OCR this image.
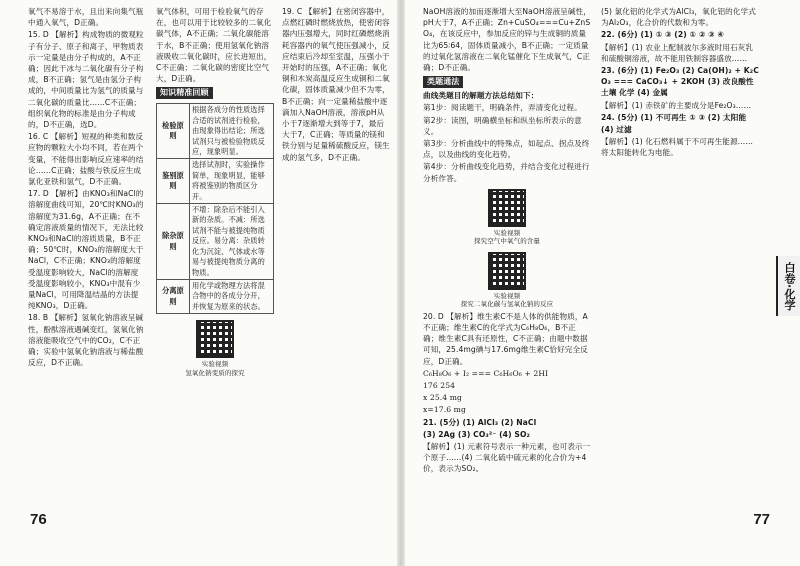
氧气不易溶于水，且出来向集气瓶中通入氧气，D正确。

15. D 【解析】构成物质的微观粒子有分子、原子和离子，甲物质表示一定量是由分子构成的，A不正确；因此干冰与二氧化碳有分子构成，B不正确；氢气是由氢分子构成的，中间质量比为氢气的质量与二氧化碳的质量比……C不正确；组织氧化物的标准是由分子构成的，D不正确，选D。

16. C 【解析】短视的种类和数反应物的颗粒大小均不同，若在两个变量，不能得出影响反应速率的结论……C正确；盐酸与铁反应生成氯化亚铁和氢气，D不正确。

17. D 【解析】由KNO₃和NaCl的溶解度曲线可知，20℃时KNO₃的溶解度为31.6g，A不正确；在不确定溶液质量的情况下，无法比较KNO₃和NaCl的溶质质量，B不正确；50℃时，KNO₃的溶解度大于NaCl，C不正确；KNO₃的溶解度受温度影响较大，NaCl的溶解度受温度影响较小，KNO₃中混有少量NaCl，可用降温结晶的方法提纯KNO₃，D正确。

18. B 【解析】氢氧化钠溶液呈碱性，酚酞溶液遇碱变红，氢氧化钠溶液能吸收空气中的CO₂，C不正确；实验中氢氧化钠溶液与稀盐酸反应，D不正确。

氧气体积，可用于检验氧气的存在，也可以用于比较较多的二氧化碳气体，A不正确；二氧化碳能溶于水，B不正确；使用氢氧化钠溶液吸收二氧化碳时，应长进短出，C不正确；二氧化碳的密度比空气大，D正确。

知识精准回顾
检验原则	根据各成分的性质选择合适的试剂进行检验，由现象得出结论；所选试剂只与被检验物质反应，现象明显。
鉴别原则	选择试剂时，实验操作简单，现象明显，能够将被鉴别的物质区分开。
除杂原则	不增：除杂后不能引入新的杂质。不减：所选试剂不能与被提纯物质反应。易分离：杂质转化为沉淀、气体或水等易与被提纯物质分离的物质。
分离原则	用化学或物理方法将混合物中的各成分分开，并恢复为原来的状态。
实验视频
氢氧化钠变质的探究

19. C 【解析】在密闭容器中，点燃红磷时燃烧放热，使密闭容器内压强增大，同时红磷燃烧消耗容器内的氧气使压强减小，反应结束后冷却至室温，压强小于开始时的压强，A不正确；氧化铜和木炭高温反应生成铜和二氧化碳，固体质量减少但不为零，B不正确；向一定量稀盐酸中逐滴加入NaOH溶液，溶液pH从小于7逐渐增大到等于7，最后大于7，C正确；等质量的镁和铁分别与足量稀硫酸反应，镁生成的氢气多，D不正确。

76

NaOH溶液的加而逐渐增大至NaOH溶液呈碱性，pH大于7，A不正确；Zn+CuSO₄===Cu+ZnSO₄，在该反应中，参加反应的锌与生成铜的质量比为65∶64，固体质量减小，B不正确；一定质量的过氧化氢溶液在二氧化锰催化下生成氧气，C正确；D不正确。

类题通法

曲线类题目的解题方法总结如下：

第1步：阅读题干，明确条件，弄清变化过程。

第2步：读图，明确横坐标和纵坐标所表示的意义。

第3步：分析曲线中的特殊点，如起点、拐点及终点，以及曲线的变化趋势。

第4步：分析曲线变化趋势，并结合变化过程进行分析作答。

实验视频
探究空气中氧气的含量

实验视频
探究二氧化碳与氢氧化钠的反应

20. D 【解析】维生素C不是人体的供能物质，A不正确；维生素C的化学式为C₆H₈O₆，B不正确；维生素C具有还原性，C不正确；由题中数据可知，25.4mg碘与17.6mg维生素C恰好完全反应，D正确。

C₆H₈O₆ + I₂ === C₆H₆O₆ + 2HI

176 254

x 25.4 mg

x=17.6 mg

21. (5分) (1) AlCl₃ (2) NaCl

(3) 2Ag (3) CO₃²⁻ (4) SO₂

【解析】(1) 元素符号表示一种元素，也可表示一个原子……(4) 二氧化硫中硫元素的化合价为+4价，表示为SO₂。

(5) 氯化铝的化学式为AlCl₃，氧化铝的化学式为Al₂O₃，化合价的代数和为零。

22. (6分) (1) ① ③ (2) ① ② ③ ④

【解析】(1) 农业上配制波尔多液时用石灰乳和硫酸铜溶液，故不能用铁制容器盛放……

23. (6分) (1) Fe₂O₃ (2) Ca(OH)₂ + K₂CO₃ === CaCO₃↓ + 2KOH (3) 改良酸性土壤 化学 (4) 金属

【解析】(1) 赤铁矿的主要成分是Fe₂O₃……

24. (5分) (1) 不可再生 ① ③ (2) 太阳能

(4) 过滤

【解析】(1) 化石燃料属于不可再生能源……将太阳能转化为电能。

白卷·化学
77
